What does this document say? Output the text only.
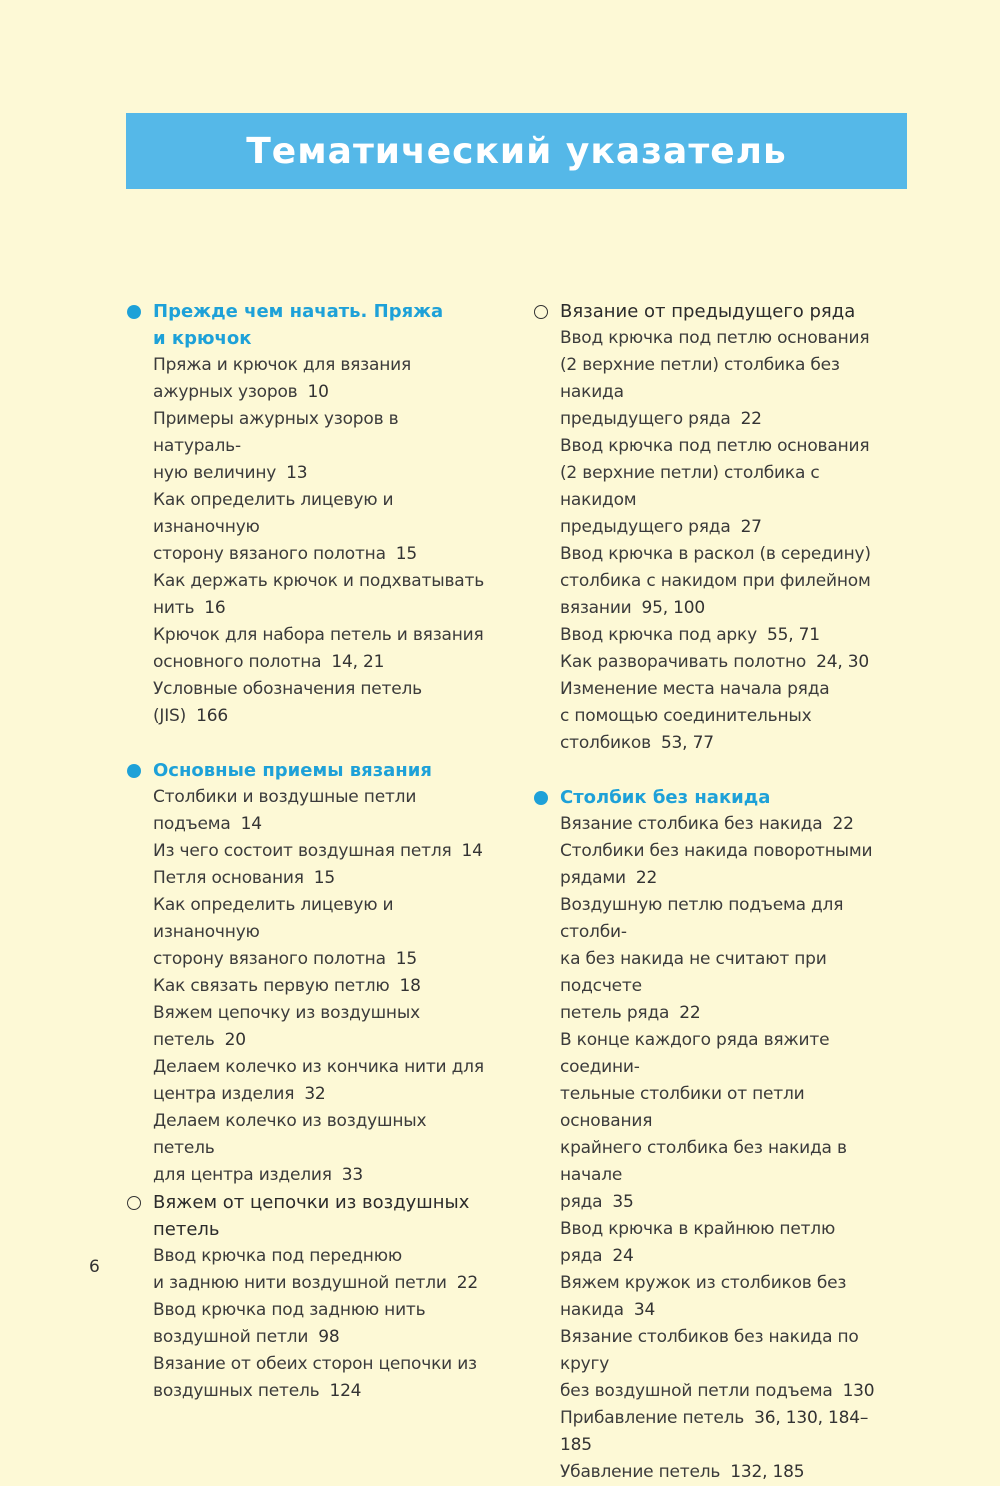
Тематический указатель
Прежде чем начать. Пряжа
и крючок
Пряжа и крючок для вязания
ажурных узоров 10
Примеры ажурных узоров в натураль-
ную величину 13
Как определить лицевую и изнаночную
сторону вязаного полотна 15
Как держать крючок и подхватывать
нить 16
Крючок для набора петель и вязания
основного полотна 14, 21
Условные обозначения петель (JIS) 166
Основные приемы вязания
Столбики и воздушные петли
подъема 14
Из чего состоит воздушная петля 14
Петля основания 15
Как определить лицевую и изнаночную
сторону вязаного полотна 15
Как связать первую петлю 18
Вяжем цепочку из воздушных петель 20
Делаем колечко из кончика нити для
центра изделия 32
Делаем колечко из воздушных петель
для центра изделия 33
Вяжем от цепочки из воздушных
петель
Ввод крючка под переднюю
и заднюю нити воздушной петли 22
Ввод крючка под заднюю нить
воздушной петли 98
Вязание от обеих сторон цепочки из
воздушных петель 124
Вязание от предыдущего ряда
Ввод крючка под петлю основания
(2 верхние петли) столбика без накида
предыдущего ряда 22
Ввод крючка под петлю основания
(2 верхние петли) столбика с накидом
предыдущего ряда 27
Ввод крючка в раскол (в середину)
столбика с накидом при филейном
вязании 95, 100
Ввод крючка под арку 55, 71
Как разворачивать полотно 24, 30
Изменение места начала ряда
с помощью соединительных
столбиков 53, 77
Столбик без накида
Вязание столбика без накида 22
Столбики без накида поворотными
рядами 22
Воздушную петлю подъема для столби-
ка без накида не считают при подсчете
петель ряда 22
В конце каждого ряда вяжите соедини-
тельные столбики от петли основания
крайнего столбика без накида в начале
ряда 35
Ввод крючка в крайнюю петлю ряда 24
Вяжем кружок из столбиков без
накида 34
Вязание столбиков без накида по кругу
без воздушной петли подъема 130
Прибавление петель 36, 130, 184–185
Убавление петель 132, 185
6
